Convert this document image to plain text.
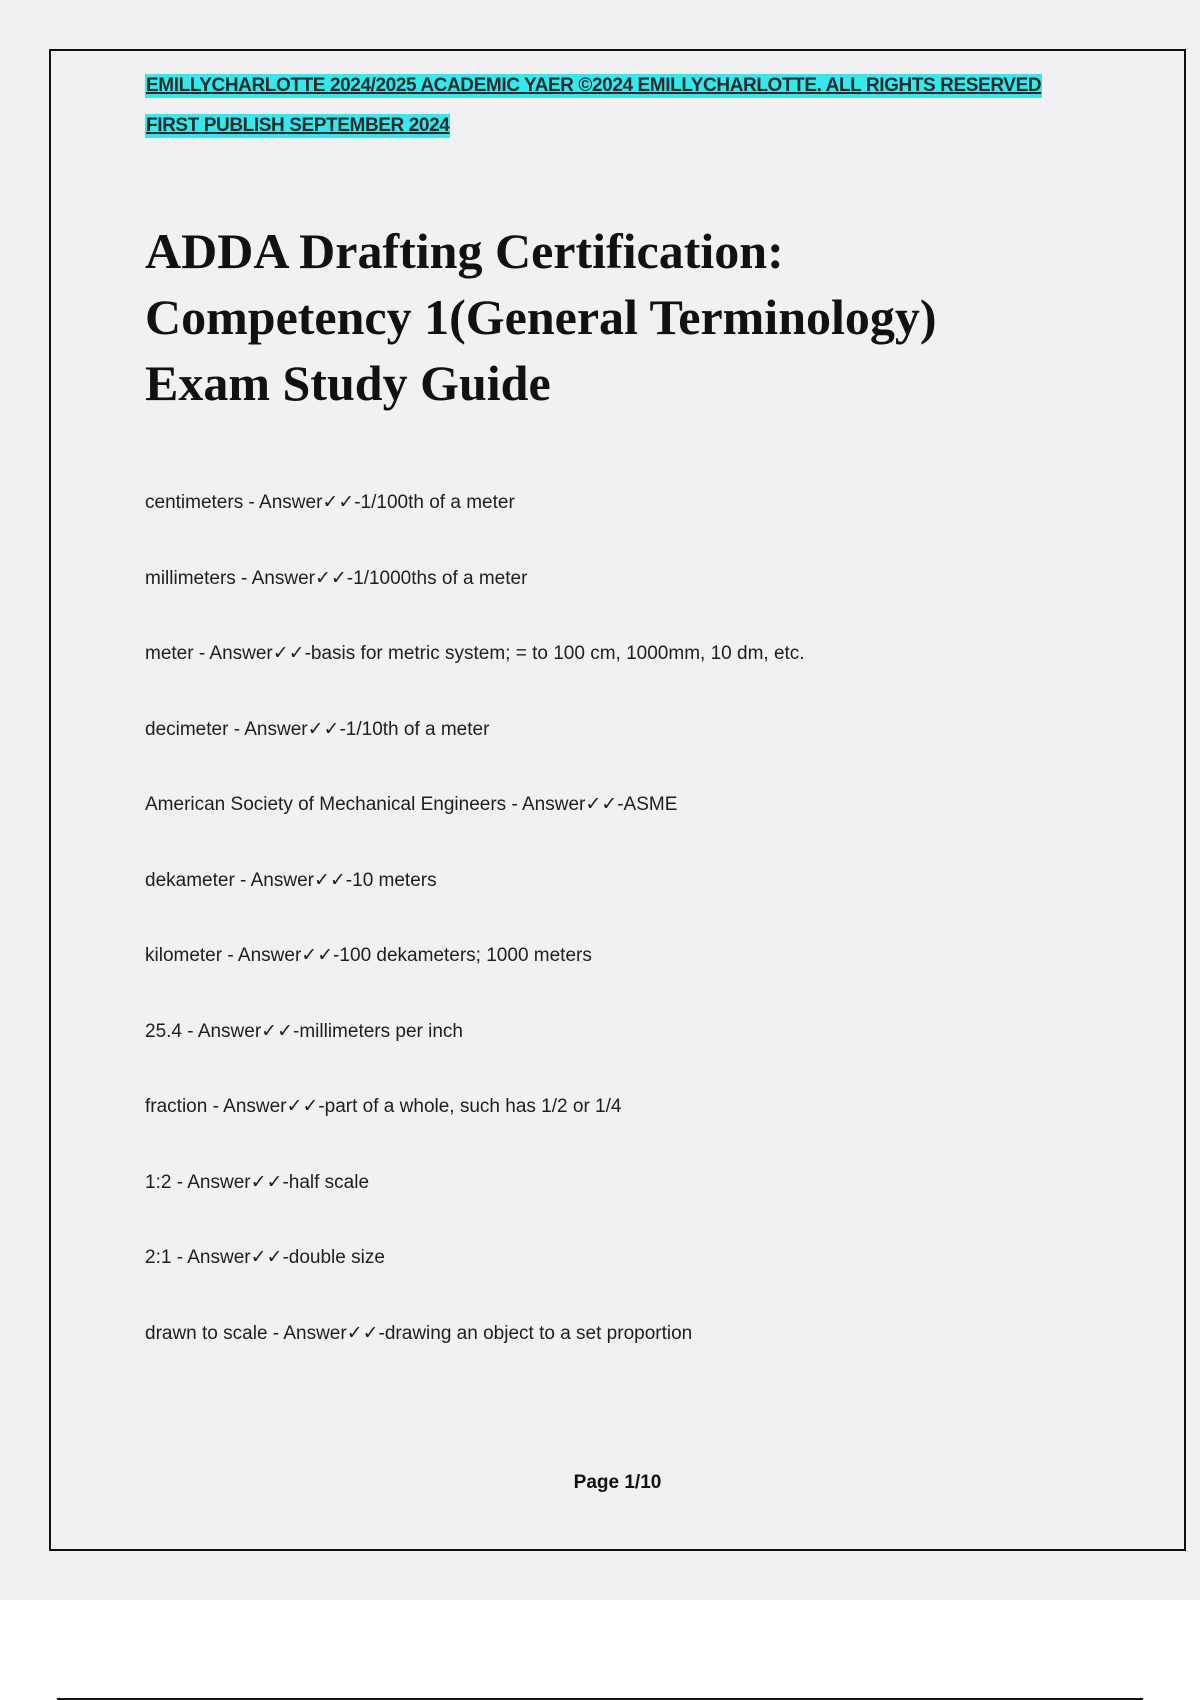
EMILLYCHARLOTTE 2024/2025 ACADEMIC YAER ©2024 EMILLYCHARLOTTE. ALL RIGHTS RESERVED
FIRST PUBLISH SEPTEMBER 2024
ADDA Drafting Certification:
Competency 1(General Terminology)
Exam Study Guide
centimeters - Answer✓✓-1/100th of a meter
millimeters - Answer✓✓-1/1000ths of a meter
meter - Answer✓✓-basis for metric system; = to 100 cm, 1000mm, 10 dm, etc.
decimeter - Answer✓✓-1/10th of a meter
American Society of Mechanical Engineers - Answer✓✓-ASME
dekameter - Answer✓✓-10 meters
kilometer - Answer✓✓-100 dekameters; 1000 meters
25.4 - Answer✓✓-millimeters per inch
fraction - Answer✓✓-part of a whole, such has 1/2 or 1/4
1:2 - Answer✓✓-half scale
2:1 - Answer✓✓-double size
drawn to scale - Answer✓✓-drawing an object to a set proportion
Page 1/10
